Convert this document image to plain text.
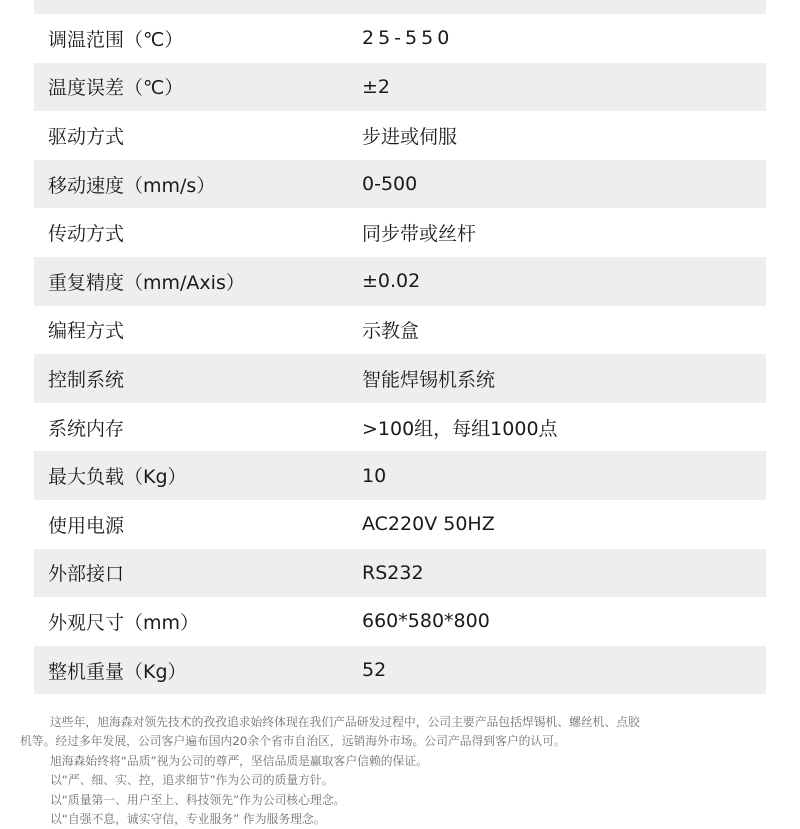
调温范围（℃）	25-550
温度误差（℃）	±2
驱动方式	步进或伺服
移动速度（mm/s）	0-500
传动方式	同步带或丝杆
重复精度（mm/Axis）	±0.02
编程方式	示教盒
控制系统	智能焊锡机系统
系统内存	>100组，每组1000点
最大负载（Kg）	10
使用电源	AC220V 50HZ
外部接口	RS232
外观尺寸（mm）	660*580*800
整机重量（Kg）	52

这些年，旭海森对领先技术的孜孜追求始终体现在我们产品研发过程中，公司主要产品包括焊锡机、螺丝机、点胶

机等。经过多年发展，公司客户遍布国内20余个省市自治区，远销海外市场。公司产品得到客户的认可。

旭海森始终将“品质”视为公司的尊严，坚信品质是赢取客户信赖的保证。

以“严、细、实、控，追求细节”作为公司的质量方针。

以“质量第一、用户至上、科技领先”作为公司核心理念。

以“自强不息，诚实守信，专业服务” 作为服务理念。
